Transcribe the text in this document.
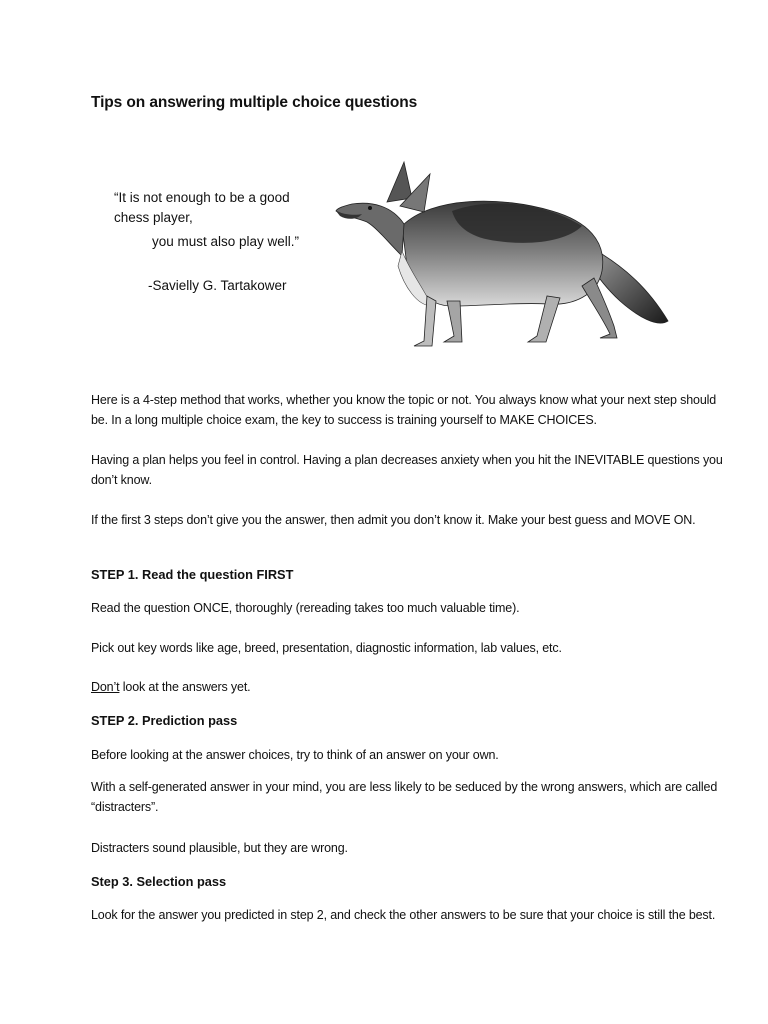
Tips on answering multiple choice questions
“It is not enough to be a good chess player,
you must also play well.”
-Savielly G. Tartakower
Here is a 4-step method that works, whether you know the topic or not. You always know what your next step should be. In a long multiple choice exam, the key to success is training yourself to MAKE CHOICES.
Having a plan helps you feel in control. Having a plan decreases anxiety when you hit the INEVITABLE questions you don’t know.
If the first 3 steps don’t give you the answer, then admit you don’t know it. Make your best guess and MOVE ON.
STEP 1. Read the question FIRST
Read the question ONCE, thoroughly (rereading takes too much valuable time).
Pick out key words like age, breed, presentation, diagnostic information, lab values, etc.
Don’t look at the answers yet.
STEP 2. Prediction pass
Before looking at the answer choices, try to think of an answer on your own.
With a self-generated answer in your mind, you are less likely to be seduced by the wrong answers, which are called “distracters”.
Distracters sound plausible, but they are wrong.
Step 3. Selection pass
Look for the answer you predicted in step 2, and check the other answers to be sure that your choice is still the best.
